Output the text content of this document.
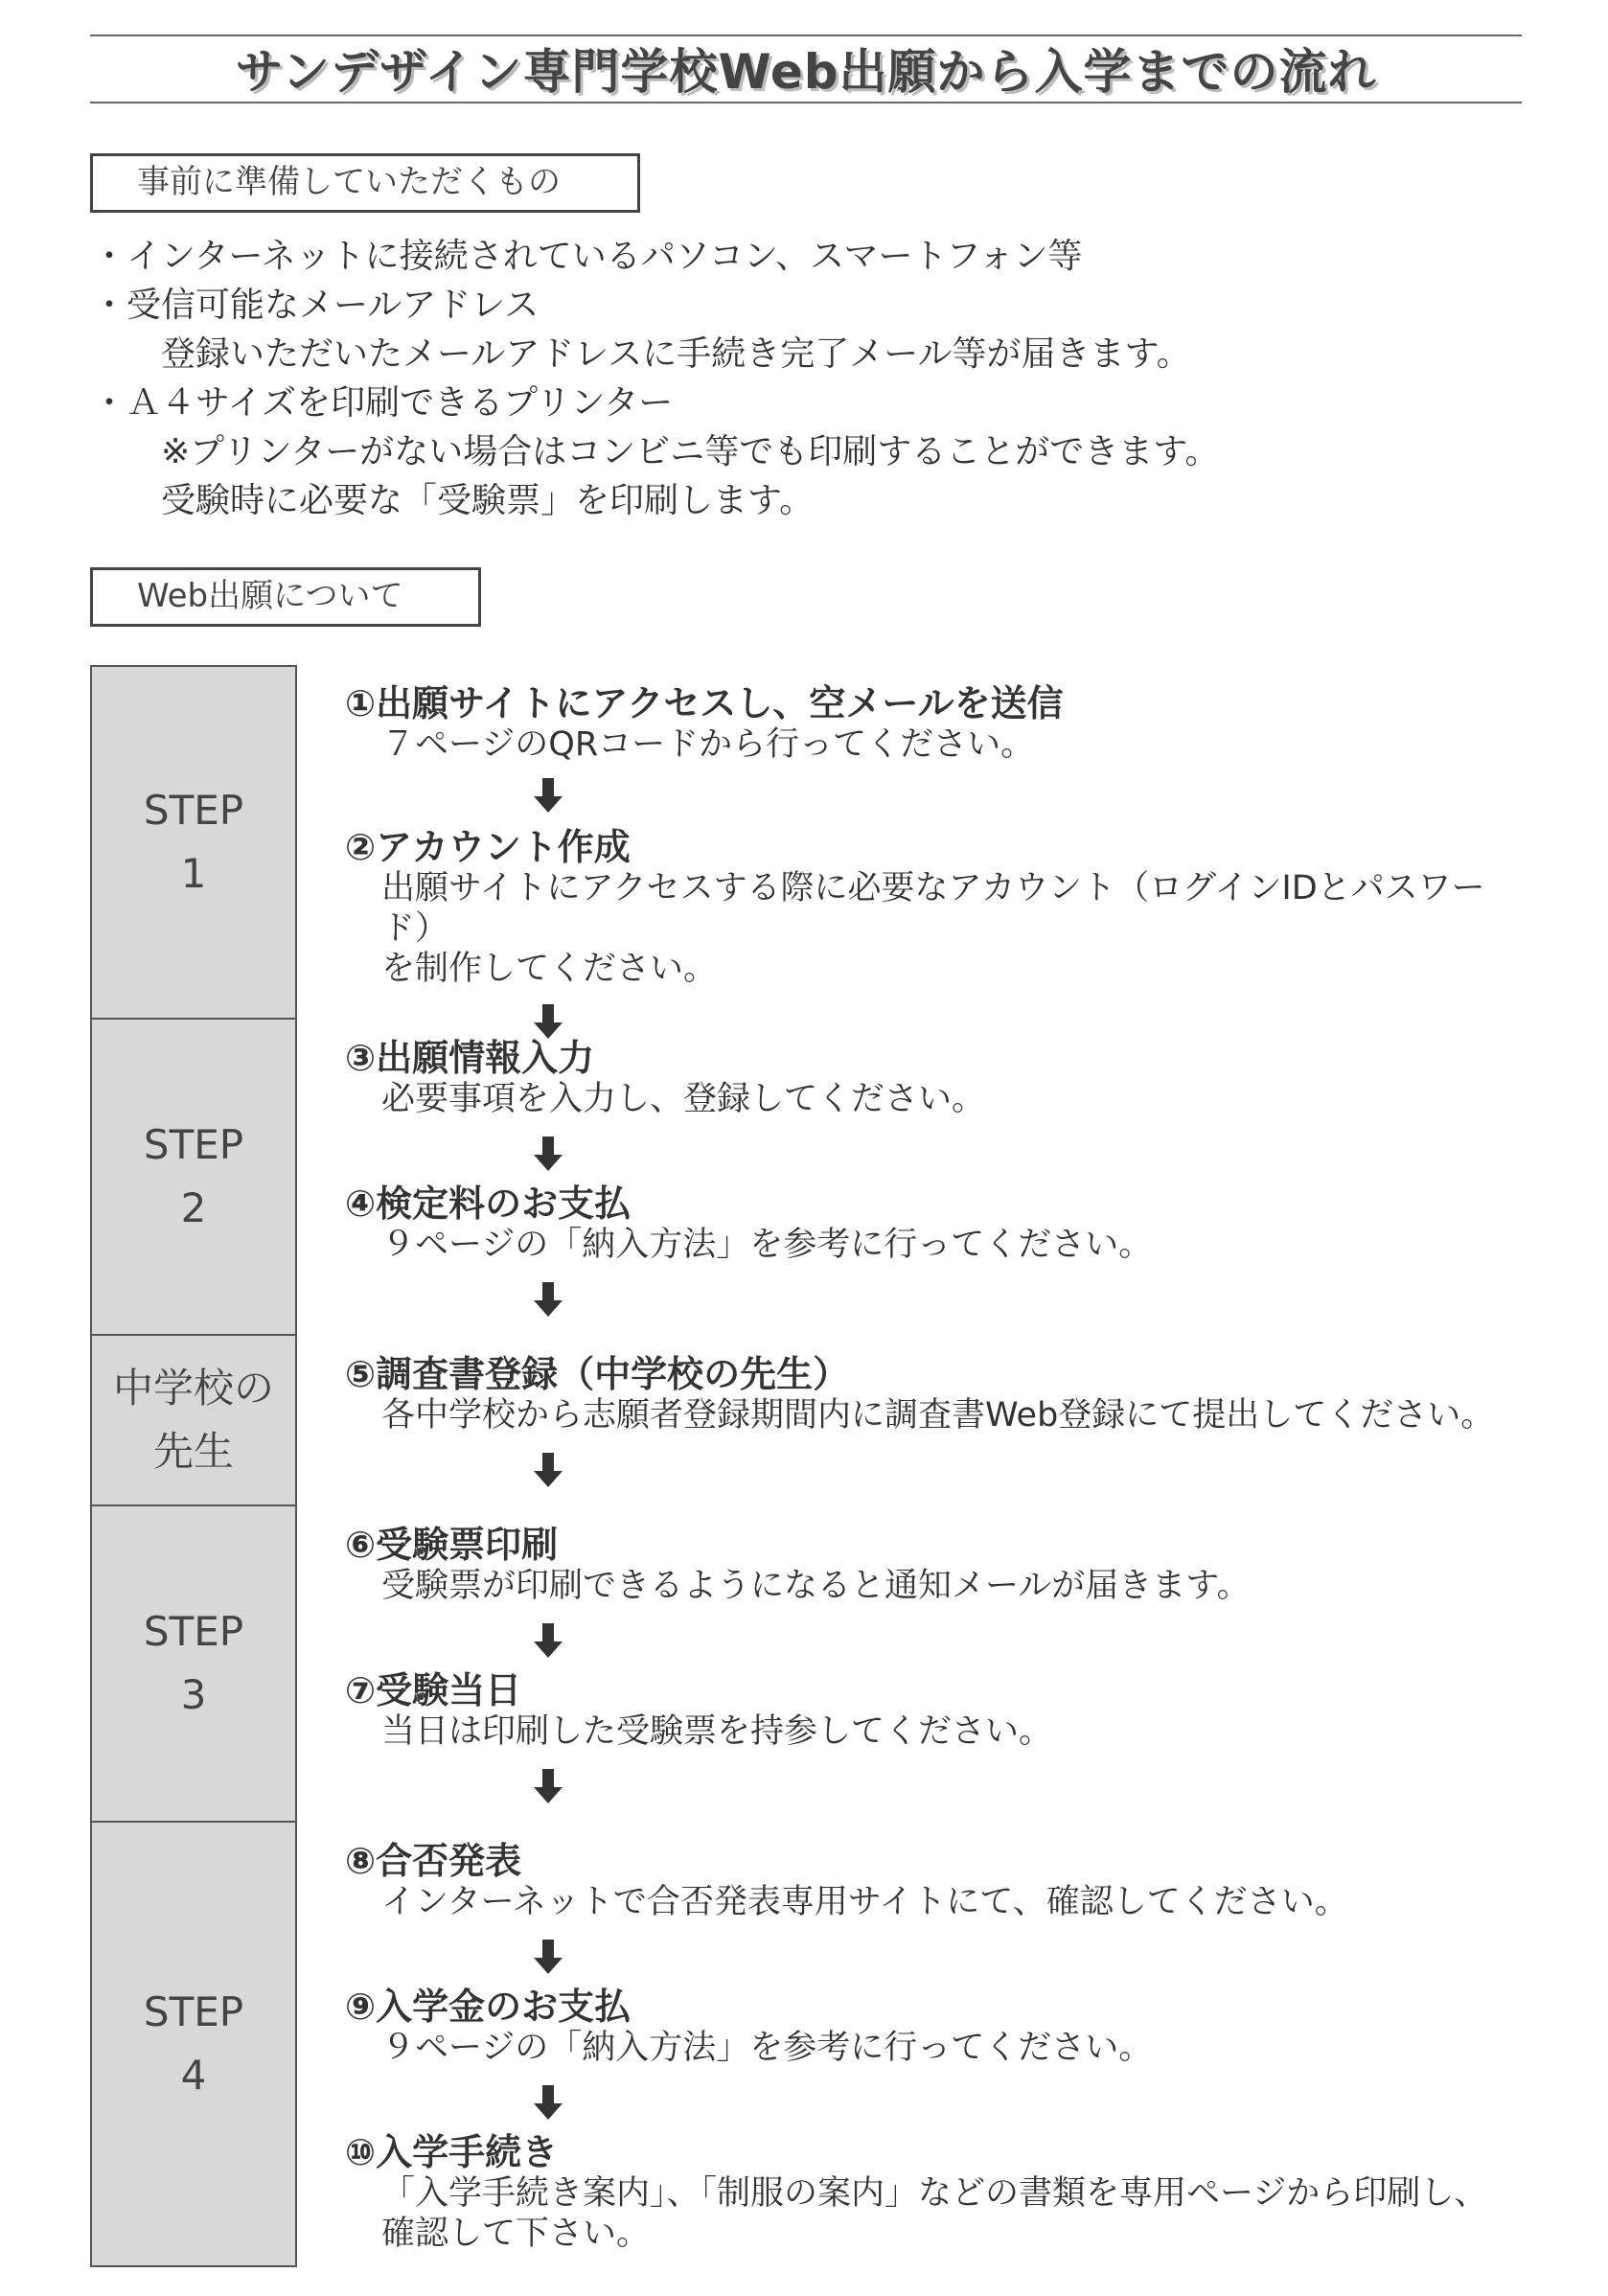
サンデザイン専門学校Web出願から入学までの流れ
事前に準備していただくもの
・インターネットに接続されているパソコン、スマートフォン等
・受信可能なメールアドレス
登録いただいたメールアドレスに手続き完了メール等が届きます。
・Ａ４サイズを印刷できるプリンター
※プリンターがない場合はコンビニ等でも印刷することができます。
受験時に必要な「受験票」を印刷します。
Web出願について
STEP
1
①出願サイトにアクセスし、空メールを送信
７ページのQRコードから行ってください。
②アカウント作成
出願サイトにアクセスする際に必要なアカウント（ログインIDとパスワード）
を制作してください。
STEP
2
③出願情報入力
必要事項を入力し、登録してください。
④検定料のお支払
９ページの「納入方法」を参考に行ってください。
中学校の
先生
⑤調査書登録（中学校の先生）
各中学校から志願者登録期間内に調査書Web登録にて提出してください。
STEP
3
⑥受験票印刷
受験票が印刷できるようになると通知メールが届きます。
⑦受験当日
当日は印刷した受験票を持参してください。
STEP
4
⑧合否発表
インターネットで合否発表専用サイトにて、確認してください。
⑨入学金のお支払
９ページの「納入方法」を参考に行ってください。
⑩入学手続き
「入学手続き案内」、「制服の案内」などの書類を専用ページから印刷し、
確認して下さい。
